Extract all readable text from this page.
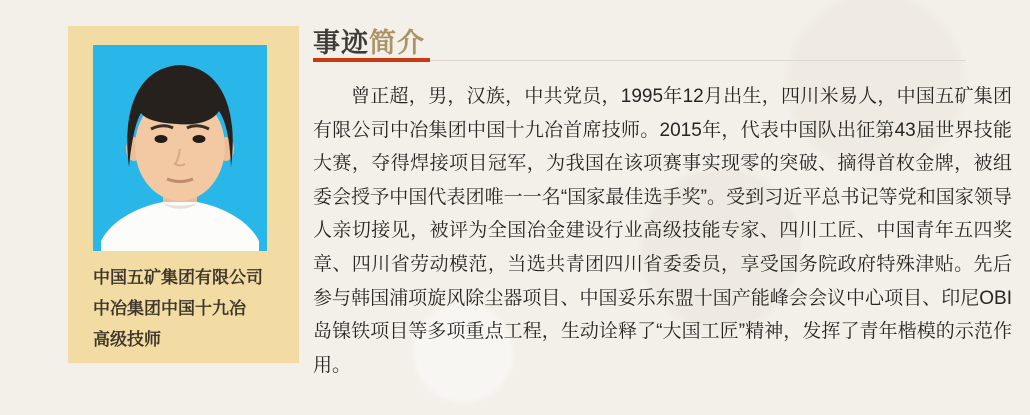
中国五矿集团有限公司
中冶集团中国十九冶
高级技师
事迹简介
曾正超，男，汉族，中共党员，1995年12月出生，四川米易人，中国五矿集团有限公司中冶集团中国十九冶首席技师。2015年，代表中国队出征第43届世界技能大赛，夺得焊接项目冠军，为我国在该项赛事实现零的突破、摘得首枚金牌，被组委会授予中国代表团唯一一名“国家最佳选手奖”。受到习近平总书记等党和国家领导人亲切接见，被评为全国冶金建设行业高级技能专家、四川工匠、中国青年五四奖章、四川省劳动模范，当选共青团四川省委委员，享受国务院政府特殊津贴。先后参与韩国浦项旋风除尘器项目、中国妥乐东盟十国产能峰会会议中心项目、印尼OBI岛镍铁项目等多项重点工程，生动诠释了“大国工匠”精神，发挥了青年楷模的示范作用。
